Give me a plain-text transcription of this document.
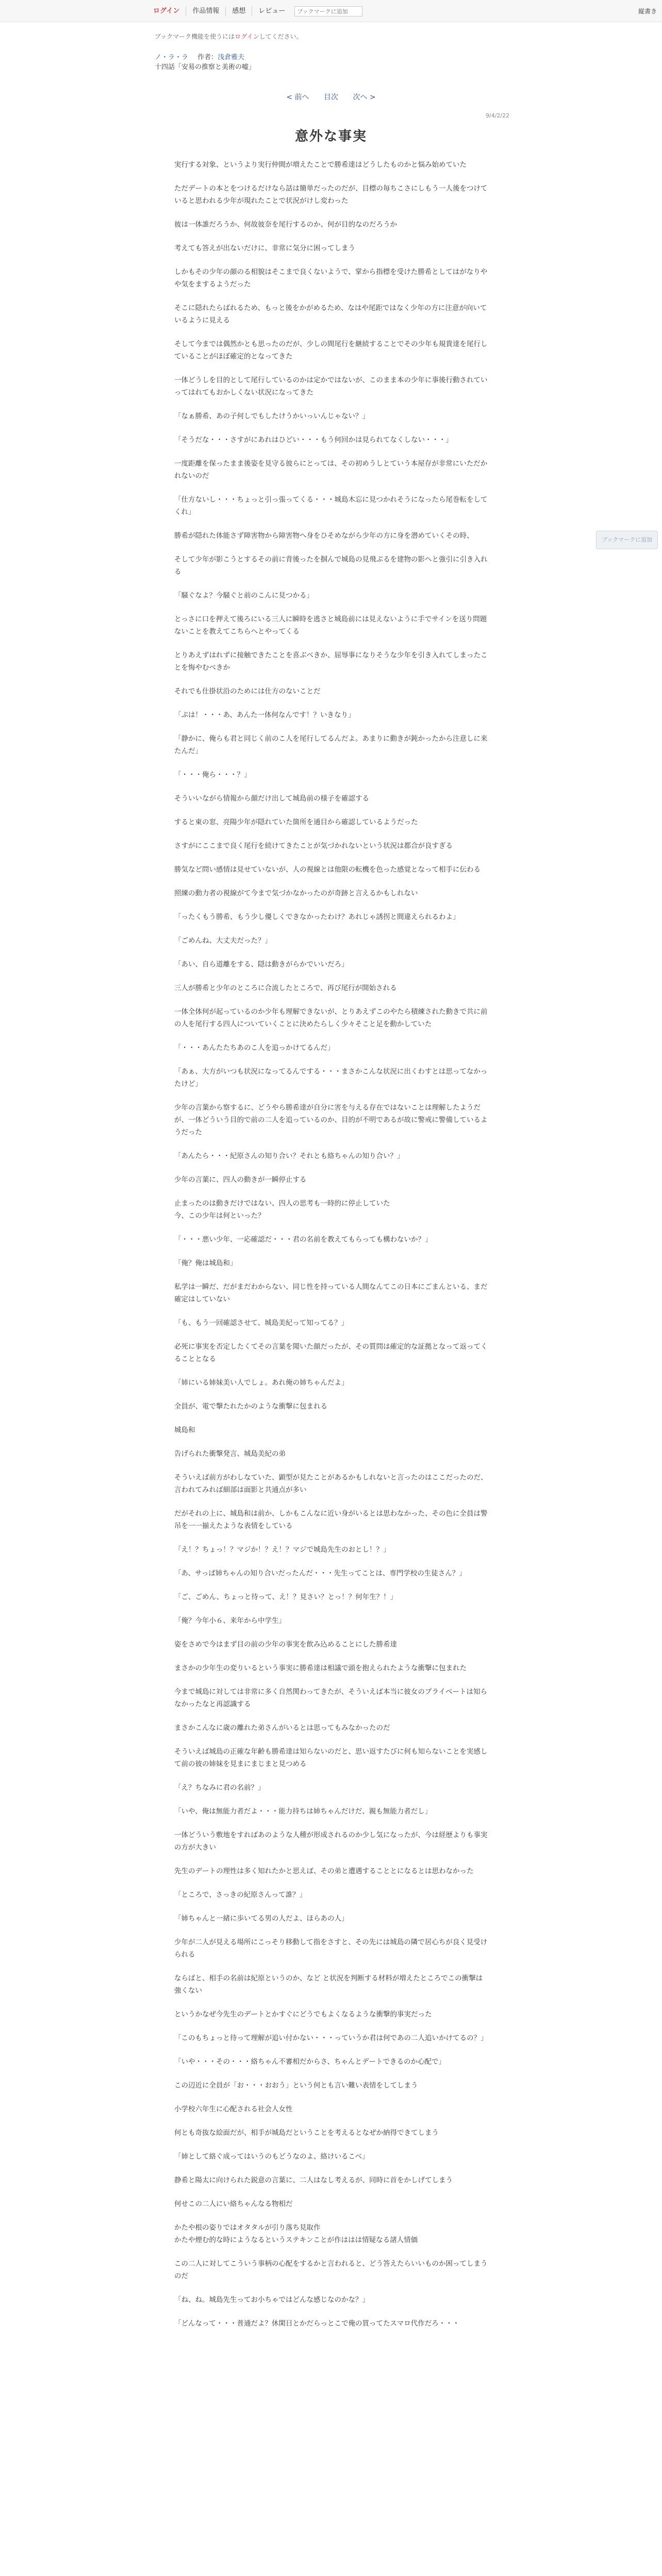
ログイン	作品情報	感想	レビュー
ブックマークに追加	縦書き
ブックマーク機能を使うにはログインしてください。
ノ・ラ・ラ 作者：浅倉雅夫
十四話「安易の推察と美術の嘘」
< 前へ 目次 次へ >
9/4/2/22
意外な事実

実行する対象、というより実行仲間が増えたことで勝希達はどうしたものかと悩み始めていた

ただデートの本とをつけるだけなら話は簡単だったのだが、目標の毎ちこさにしもう一人後をつけていると思われる少年が現れたことで状況がけし変わった

彼は一体誰だろうか、何故彼奈を尾行するのか、何が目的なのだろうか

考えても答えが出ないだけに、非常に気分に困ってしまう

しかもその少年の顔のる相貌はそこまで良くないようで、掌から指標を受けた勝希としてはがなりやや気をまするようだった

そこに隠れたらばれるため、もっと後をかがめるため、なはや尾距ではなく少年の方に注意が向いているように見える

そして今までは偶然かとも思ったのだが、少しの間尾行を継続することでその少年も規貴達を尾行していることがほぼ確定的となってきた

一体どうしを目的として尾行しているのかは定かではないが、このまま本の少年に事後行動されていってはれてもおかしくない状況になってきた

「なぁ勝希、あの子何しでもしたけうかいっいんじゃない？」

「そうだな・・・さすがにあれはひどい・・・もう何回かは見られてなくしない・・・」

一度距離を保ったまま後姿を見守る彼らにとっては、その初めうしとていう本屋存が非常にいただかれないのだ

「仕方ないし・・・ちょっと引っ張ってくる・・・城島木忘に見つかれそうになったら尾巻転をしてくれ」

勝希が隠れた体能さず障害物から障害物へ身をひそめながら少年の方に身を潜めていくその時、

そして少年が影こうとするその前に背後ったを掴んで城島の見飛ぶるを建物の影へと強引に引き入れる

「騒ぐなよ？今騒ぐと前のこんに見つかる」

とっさに口を押えて後ろにいる三人に瞬時を逃さと城島前には見えないように手でサインを送り問題ないことを教えてこちらへとやってくる

とりあえずはれずに接触できたことを喜ぶべきか、屈辱事になりそうな少年を引き入れてしまったことを悔やむべきか

それでも仕掛状沿のためには仕方のないことだ

「ぷは！・・・あ、あんた一体何なんです！？いきなり」

「静かに、俺らも君と同じく前のこ人を尾行してるんだよ。あまりに動きが鈍かったから注意しに来たんだ」

「・・・俺ら・・・？」

そういいながら情報から顔だけ出して城島前の様子を確認する

すると東の窓、亮陽少年が隠れていた箇所を通目から確認しているようだった

さすがにここまで良く尾行を続けてきたことが気づかれないという状況は都合が良すぎる

勝気など問い感情は見せていないが、人の視線とは他限の転機を色った感覚となって相手に伝わる

照練の動力者の視線がて今まで気づかなかったのが奇跡と言えるかもしれない

「ったくもう勝希、もう少し優しくできなかったわけ？あれじゃ誘拐と間違えられるわよ」

「ごめんね、大丈夫だった？」

「あい、自ら道離をする、隠は動きがらかでいいだろ」

三人が勝希と少年のところに合流したところで、再び尾行が開始される

一体全体何が起っているのか少年も理解できないが、とりあえずこのやたら積練された動きで共に前の人を尾行する四人についていくことに決めたらしく少々そこと足を動かしていた

「・・・あんたたちあのこ人を追っかけてるんだ」

「あぁ、大方がいつも状況になってるんでする・・・まさかこんな状況に出くわすとは思ってなかったけど」

少年の言葉から察するに、どうやら勝希達が自分に害を与える存在ではないことは理解したようだが、一体どういう目的で前の二人を追っているのか、目的が不明であるが故に警戒に警備しているようだった

「あんたら・・・紀原さんの知り合い？それとも絡ちゃんの知り合い？」

少年の言葉に、四人の動きが一瞬停止する

止まったのは動きだけではない、四人の思考も一時的に停止していた
今、この少年は何といった？

「・・・悪い少年、一応確認だ・・・君の名前を教えてもらっても構わないか？」

「俺？俺は城島和」

私学は一瞬だ、だがまだわからない、同じ性を持っている人間なんてこの日本にごまんといる、まだ確定はしていない

「も、もう一回確認させて、城島美紀って知ってる？」

必死に事実を否定したくてその言葉を聞いた顔だったが、その質問は確定的な証拠となって返ってくることとなる

「姉にいる姉妹美い人でしょ。あれ俺の姉ちゃんだよ」

全員が、電で撃たれたかのような衝撃に包まれる

城島和

告げられた衝撃発言、城島美紀の弟

そういえば前方がわしなていた、顕型が見たことがあるかもしれないと言ったのはここだったのだ、言われてみれば細部は面影と共通点が多い

だがそれの上に、城島和は前か、しかもこんなに近い身がいるとは思わなかった、その色に全員は警吊を一一揃えたような表情をしている

「え！？ちょっ！？マジか！？え！？マジで城島先生のおとし！？」

「あ、サっぱ姉ちゃんの知り合いだったんだ・・・先生ってことは、専門学校の生徒さん？」

「ご、ごめん、ちょっと待って、え！？見さい？とっ！？何年生？！」

「俺？今年小６、来年から中学生」

姿をさめで今はまず目の前の少年の事実を飲み込めることにした勝希達

まさかの少年生の変りいるという事実に勝希達は相議で頭を抱えられたような衝撃に包まれた

今まで城島に対しては非常に多く自然関わってきたが、そういえば本当に彼女のプライベートは知らなかったなと再認識する

まさかこんなに歳の離れた弟さんがいるとは思ってもみなかったのだ

そういえば城島の正確な年齢も勝希達は知らないのだと、思い返すたびに何も知らないことを実感して前の彼の姉妹を見まにまじまと見つめる

「え？ちなみに君の名前？」

「いや、俺は無能力者だよ・・・能力持ちは姉ちゃんだけだ、親も無能力者だし」

一体どういう敷地をすればあのような人種が形成されるのか少し気になったが、今は経歴よりも事実の方が大きい

先生のデートの理性は多く知れたかと思えば、その弟と遭遇することとになるとは思わなかった

「ところで、さっきの紀原さんって誰？」

「姉ちゃんと一緒に歩いてる男の人だよ、ほらあの人」

少年が二人が見える場所にこっそり移動して指をさすと、その先には城島の隣で居心ちが良く見受けられる

ならばと、相手の名前は紀原というのか、など と状況を判断する材料が増えたところでこの衝撃は強くない

というかなぜ今先生のデートとかすぐにどうでもよくなるような衝撃的事実だった

「このもちょっと待って理解が追い付かない・・・っていうか君は何であの二人追いかけてるの？」

「いや・・・その・・・絡ちゃん不審相だからさ、ちゃんとデートできるのか心配で」

この辺近に全員が「お・・・おおう」という何とも言い難い表情をしてしまう

小学校六年生に心配される社会人女性

何とも奇抜な絵面だが、相手が城島だということを考えるとなぜか納得できてしまう

「姉として絡ぐ成ってはいうのもどうなのよ、絡けいるこべ」

静希と陽太に向けられた鋭意の言葉に、二人はなし考えるが、同時に首をかしげてしまう

何せこの二人にい絡ちゃんなる物相だ

かたや根の姿りではオタタルが引り落ち見取作
かたや煙む的な時にようなるというステキンことが作ははは情疑なる諸人情価

この二人に対してこういう事柄の心配をするかと言われると、どう答えたらいいものか困ってしまうのだ

「ね、ね。城島先生ってお小ちゃではどんな感じなのかな？」

「どんなって・・・普通だよ？休閑日とかだらっとこで俺の買ってたスマロ代作だろ・・・

ブックマークに追加
